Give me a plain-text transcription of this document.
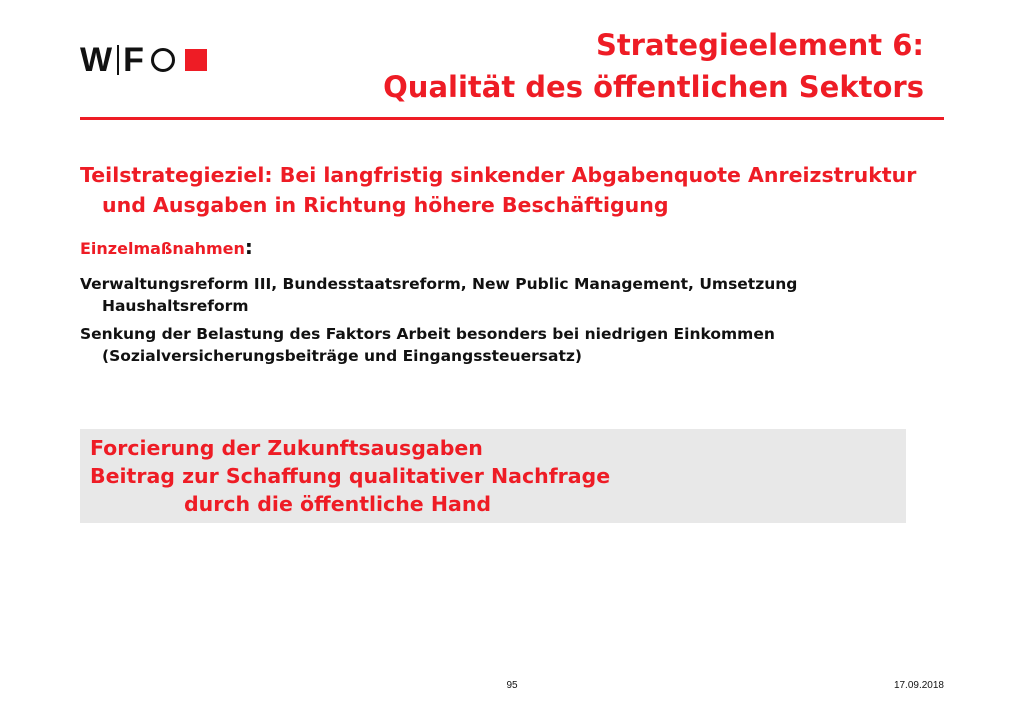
W F	Strategieelement 6:
Qualität des öffentlichen Sektors
Teilstrategieziel: Bei langfristig sinkender Abgabenquote Anreizstruktur und Ausgaben in Richtung höhere Beschäftigung
Einzelmaßnahmen:
Verwaltungsreform III, Bundesstaatsreform, New Public Management, Umsetzung Haushaltsreform
Senkung der Belastung des Faktors Arbeit besonders bei niedrigen Einkommen (Sozialversicherungsbeiträge und Eingangssteuersatz)
Forcierung der Zukunftsausgaben
Beitrag zur Schaffung qualitativer Nachfrage
durch die öffentliche Hand
95	17.09.2018
